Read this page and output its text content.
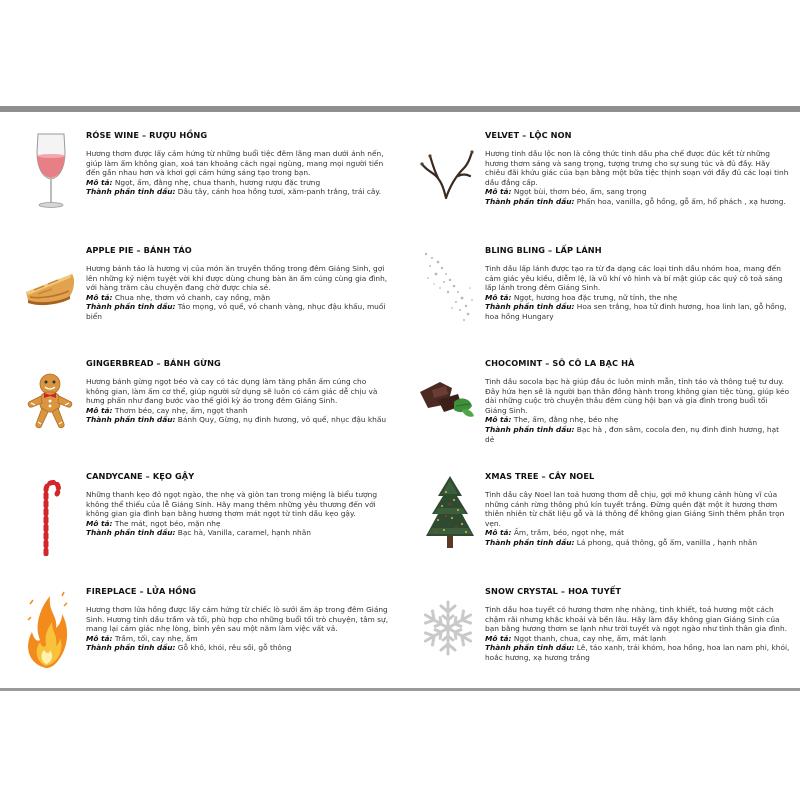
RÓSE WINE – RƯỢU HỒNG

Hương thơm được lấy cảm hứng từ những buổi tiệc đêm lãng man dưới ánh nến, giúp làm ấm không gian, xoá tan khoảng cách ngại ngùng, mang mọi người tiến đến gần nhau hơn và khơi gợi cảm hứng sáng tạo trong bạn.

Mô tả: Ngọt, ấm, đằng nhẹ, chua thanh, hương rượu đặc trưng

Thành phần tinh dầu: Dâu tây, cánh hoa hồng tươi, xăm-panh trắng, trái cây.

APPLE PIE – BÁNH TÁO

Hương bánh táo là hương vị của món ăn truyền thống trong đêm Giáng Sinh, gợi lên những kỷ niệm tuyệt vời khi được dùng chung bàn ăn ấm cúng cùng gia đình, với hàng trăm câu chuyện đang chờ được chia sẻ.

Mô tả: Chua nhẹ, thơm vỏ chanh, cay nồng, mặn

Thành phần tinh dầu: Táo mọng, vỏ quế, vỏ chanh vàng, nhục đậu khấu, muối biển

GINGERBREAD – BÁNH GỪNG

Hương bánh gừng ngọt béo và cay có tác dụng làm tăng phần ấm cúng cho không gian, làm ấm cơ thể, giúp người sử dụng sẽ luôn có cảm giác dễ chịu và hưng phấn như đang bước vào thế giới kỳ ảo trong đêm Giáng Sinh.

Mô tả: Thơm béo, cay nhẹ, ấm, ngọt thanh

Thành phần tinh dầu: Bánh Quy, Gừng, nụ đinh hương, vỏ quế, nhục đậu khấu

CANDYCANE – KẸO GẬY

Những thanh kẹo đỏ ngọt ngào, the nhẹ và giòn tan trong miệng là biểu tượng không thể thiếu của lễ Giáng Sinh. Hãy mang thêm những yêu thương đến với không gian gia đình bạn bằng hương thơm mát ngọt từ tinh dầu kẹo gậy.

Mô tả: The mát, ngọt béo, mặn nhẹ

Thành phần tinh dầu: Bạc hà, Vanilla, caramel, hạnh nhân

FIREPLACE – LỬA HỒNG

Hương thơm lửa hồng được lấy cảm hứng từ chiếc lò sưởi ấm áp trong đêm Giáng Sinh. Hương tinh dầu trầm và tối, phù hợp cho những buổi tối trò chuyện, tâm sự, mang lại cảm giác nhẹ lòng, bình yên sau một năm làm việc vất vả.

Mô tả: Trầm, tối, cay nhẹ, ấm

Thành phần tinh dầu: Gỗ khô, khói, rêu sồi, gỗ thông

VELVET – LỘC NON

Hương tinh dầu lộc non là công thức tinh dầu pha chế được đúc kết từ những hương thơm sáng và sang trọng, tượng trưng cho sự sung túc và đủ đầy. Hãy chiêu đãi khứu giác của bạn bằng một bữa tiệc thịnh soạn với đầy đủ các loại tinh dầu đẳng cấp.

Mô tả: Ngọt bùi, thơm béo, ấm, sang trọng

Thành phần tinh dầu: Phấn hoa, vanilla, gỗ hồng, gỗ ấm, hổ phách , xạ hương.

BLING BLING – LẤP LÁNH

Tinh dầu lấp lánh được tạo ra từ đa dạng các loại tinh dầu nhóm hoa, mang đến cảm giác yêu kiều, diễm lệ, là vũ khí vô hình và bí mật giúp các quý cô toả sáng lấp lánh trong đêm Giáng Sinh.

Mô tả: Ngọt, hương hoa đặc trưng, nữ tính, the nhẹ

Thành phần tinh dầu: Hoa sen trắng, hoa tử đinh hương, hoa linh lan, gỗ hồng, hoa hồng Hungary

CHOCOMINT – SÔ CÔ LA BẠC HÀ

Tinh dầu socola bạc hà giúp đầu óc luôn minh mẫn, tỉnh táo và thông tuệ tư duy. Đây hứa hẹn sẽ là người bạn thân đồng hành trong không gian tiệc tùng, giúp kéo dài những cuộc trò chuyện thâu đêm cùng hội bạn và gia đình trong buổi tối Giáng Sinh.

Mô tả: The, ấm, đằng nhẹ, béo nhẹ

Thành phần tinh dầu: Bạc hà , đơn sâm, cocola đen, nụ đinh đinh hương, hạt dẻ

XMAS TREE – CÂY NOEL

Tinh dầu cây Noel lan toả hương thơm dễ chịu, gợi mở khung cảnh hùng vĩ của những cánh rừng thông phủ kín tuyết trắng. Đừng quên đặt một ít hương thơm thiên nhiên từ chất liệu gỗ và lá thông để không gian Giáng Sinh thêm phần trọn vẹn.

Mô tả: Ấm, trầm, béo, ngọt nhẹ, mát

Thành phần tinh dầu: Lá phong, quả thông, gỗ ấm, vanilla , hạnh nhân

SNOW CRYSTAL – HOA TUYẾT

Tinh dầu hoa tuyết có hương thơm nhẹ nhàng, tinh khiết, toả hương một cách chậm rãi nhưng khắc khoải và bền lâu. Hãy làm đầy không gian Giáng Sinh của bạn bằng hương thơm se lạnh như trời tuyết và ngọt ngào như tình thân gia đình.

Mô tả: Ngọt thanh, chua, cay nhẹ, ấm, mát lạnh

Thành phần tinh dầu: Lê, táo xanh, trái khóm, hoa hồng, hoa lan nam phi, khói, hoắc hương, xạ hương trắng
